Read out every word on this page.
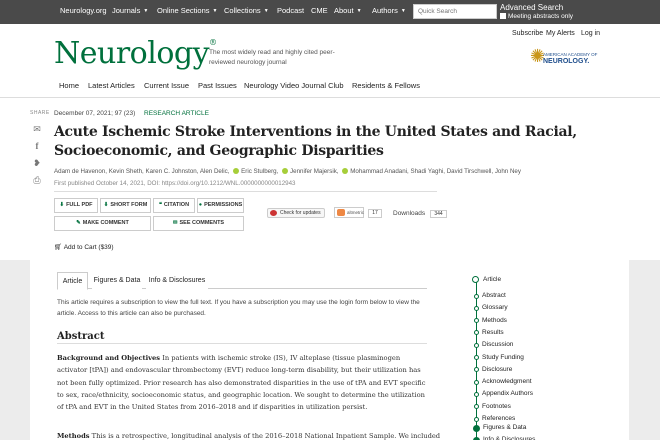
Neurology.org Journals ▼ Online Sections ▼ Collections ▼ Podcast CME About ▼ Authors ▼
Quick Search	Advanced Search
Meeting abstracts only
Subscribe My Alerts Log in
Neurology®
The most widely read and highly cited peer-reviewed neurology journal	✺
AMERICAN ACADEMY OF
NEUROLOGY.
Home Latest Articles Current Issue Past Issues Neurology Video Journal Club Residents & Fellows
SHARE
✉
f
❥
⎙
December 07, 2021; 97 (23) RESEARCH ARTICLE
Acute Ischemic Stroke Interventions in the United States and Racial, Socioeconomic, and Geographic Disparities
Adam de Havenon, Kevin Sheth, Karen C. Johnston, Alen Delic, Eric Stulberg, Jennifer Majersik, Mohammad Anadani, Shadi Yaghi, David Tirschwell, John Ney
First published October 14, 2021, DOI: https://doi.org/10.1212/WNL.0000000000012943
⬇ FULL PDF	⬇ SHORT FORM	❝ CITATION	● PERMISSIONS
✎ MAKE COMMENT	✉ SEE COMMENTS
Check for updates	altmetric	17	Downloads	344
🛒︎ Add to Cart ($39)
Article	Figures & Data	Info & Disclosures
This article requires a subscription to view the full text. If you have a subscription you may use the login form below to view the article. Access to this article can also be purchased.
Abstract

Background and Objectives In patients with ischemic stroke (IS), IV alteplase (tissue plasminogen activator [tPA]) and endovascular thrombectomy (EVT) reduce long-term disability, but their utilization has not been fully optimized. Prior research has also demonstrated disparities in the use of tPA and EVT specific to sex, race/ethnicity, socioeconomic status, and geographic location. We sought to determine the utilization of tPA and EVT in the United States from 2016–2018 and if disparities in utilization persist.

Methods This is a retrospective, longitudinal analysis of the 2016–2018 National Inpatient Sample. We included

Article
Abstract
Glossary
Methods
Results
Discussion
Study Funding
Disclosure
Acknowledgment
Appendix Authors
Footnotes
References
Figures & Data
Info & Disclosures
